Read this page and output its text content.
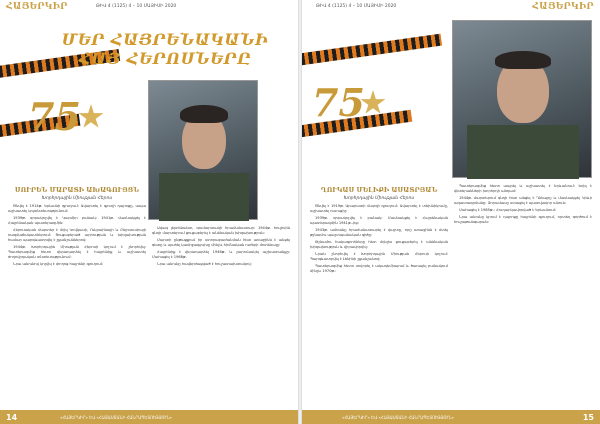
ՀԱՅԵՐԿԻՐ	ԹԻՎ 4 (1125) 4 – 10 ՄԱՅԻՍԻ 2020
ՄԵՐ ՀԱՅՐԵՆԱԿԱՆԻ
ՀԱՅ ՀԵՐՈՍՆԵՐԸ
75
ՍՈՒՐԵՆ ՄԱՐԱՏԻ ԱԽԱԳՈՒՅՑՆ
Խորհրդային Միության Հերոս

Ծնվել է 1914թ. Երևանի գյուղում։ Ավարտել է գյուղի դպրոցը, ապա աշխատել կոլտնտեսությունում։

1939թ. զորակոչվել է Կարմիր բանակ։ 1941թ. մասնակցել է Հայրենական պատերազմին։

Հերոսական մարտեր է մղել Կովկասի, Ուկրաինայի և Բելոռուսիայի ռազմաճակատներում։ Ցուցաբերած արիության և խիզախության համար պարգևատրվել է շքանշաններով։

1944թ. Խորհրդային Միության Հերոսի կոչում է շնորհվել։ Պատերազմից հետո վերադարձել է հայրենիք և աշխատել ժողովրդական տնտեսությունում։

Նրա անունով կոչվել է փողոց հայրենի գյուղում։

Ավագ լեյտենանտ, գումարտակի հրամանատար։ 1944թ. հուլիսին գնդի մարտերում ցուցաբերել է անձնական խիզախություն։

Մարտի ընթացքում իր ստորաբաժանման հետ առաջինն է անցել գետը և պահել կամրջագլուխը մինչև հիմնական ուժերի մոտենալը։

Հայրենիք է վերադարձել 1946թ. և շարունակել աշխատանքը։ Մահացել է 1968թ.

Նրա անունը հավերժացված է հուշատախտակով։

14	«ՀԱՅԵՐԿԻՐ» ԵՎ «ՀԱՅԱՍՏԱՆԻ ՀԱՆՐԱՊԵՏՈՒԹՅՈՒՆ»
ԹԻՎ 4 (1125) 4 – 10 ՄԱՅԻՍԻ 2020	ՀԱՅԵՐԿԻՐ
75
ՂՈՒԿԱՍ ՄԵԼԻՔԻ ԱՍԱՏՐՅԱՆ
Խորհրդային Միության Հերոս

Ծնվել է 1919թ. Արարատի մարզի գյուղում։ Ավարտել է տեխնիկումը, աշխատել ուսուցիչ։

1939թ. զորակոչվել է բանակ։ Մասնակցել է Հայրենական պատերազմին 1941թ.-ից։

1943թ. ամռանը հրամանատարել է վաշտը, որը առաջինն է մտել թշնամու պաշտպանական գիծը։

Թշնամու հակագրոհները հետ մղելիս ցուցաբերել է անձնական խիզախություն և վիրավորվել։

Նրան շնորհվել է Խորհրդային Միության Հերոսի կոչում։ Պարգևատրվել է Լենինի շքանշանով։

Պատերազմից հետո սովորել է ակադեմիայում և ծառայել բանակում մինչև 1970թ.։

Պատերազմից հետո ապրել և աշխատել է Երևանում։ Եղել է վետերանների խորհրդի անդամ։

1944թ. մարտերում գնդի հետ անցել է Դնեպրը և մասնակցել Կիևի ազատագրմանը։ Զորամասը ստացել է պատվավոր անուն։

Մահացել է 1985թ.։ Հուղարկավորված է Երևանում։

Նրա անունը կրում է դպրոցը հայրենի գյուղում, որտեղ գործում է հուշաթանգարան։

«ՀԱՅԵՐԿԻՐ» ԵՎ «ՀԱՅԱՍՏԱՆԻ ՀԱՆՐԱՊԵՏՈՒԹՅՈՒՆ»	15
